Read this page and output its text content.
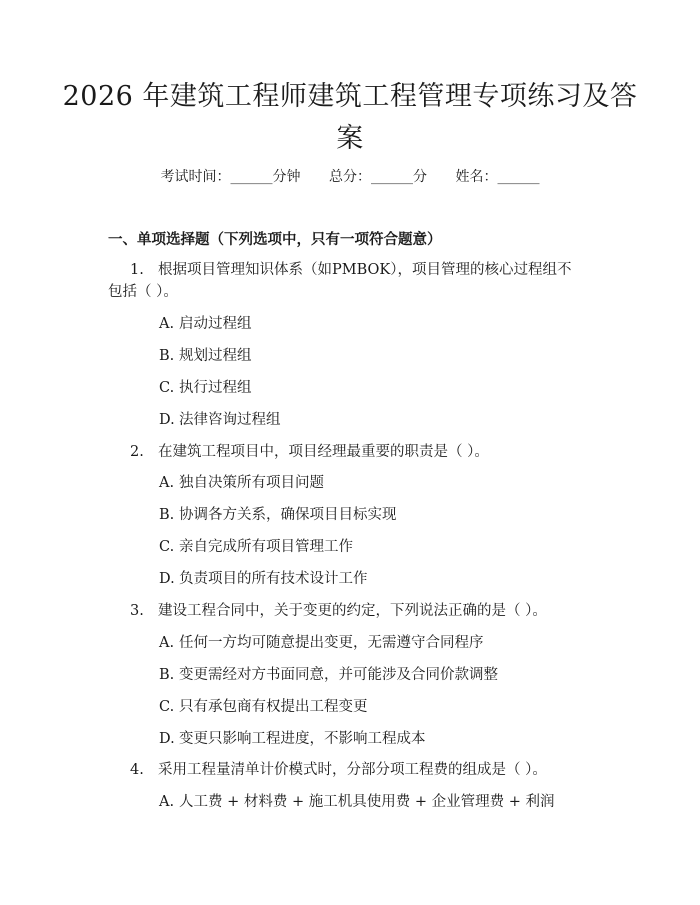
2026 年建筑工程师建筑工程管理专项练习及答案
考试时间：______分钟 总分：______分 姓名：______
一、单项选择题（下列选项中，只有一项符合题意）
1. 根据项目管理知识体系（如PMBOK），项目管理的核心过程组不包括（ ）。
A. 启动过程组
B. 规划过程组
C. 执行过程组
D. 法律咨询过程组
2. 在建筑工程项目中，项目经理最重要的职责是（ ）。
A. 独自决策所有项目问题
B. 协调各方关系，确保项目目标实现
C. 亲自完成所有项目管理工作
D. 负责项目的所有技术设计工作
3. 建设工程合同中，关于变更的约定，下列说法正确的是（ ）。
A. 任何一方均可随意提出变更，无需遵守合同程序
B. 变更需经对方书面同意，并可能涉及合同价款调整
C. 只有承包商有权提出工程变更
D. 变更只影响工程进度，不影响工程成本
4. 采用工程量清单计价模式时，分部分项工程费的组成是（ ）。
A. 人工费 + 材料费 + 施工机具使用费 + 企业管理费 + 利润
